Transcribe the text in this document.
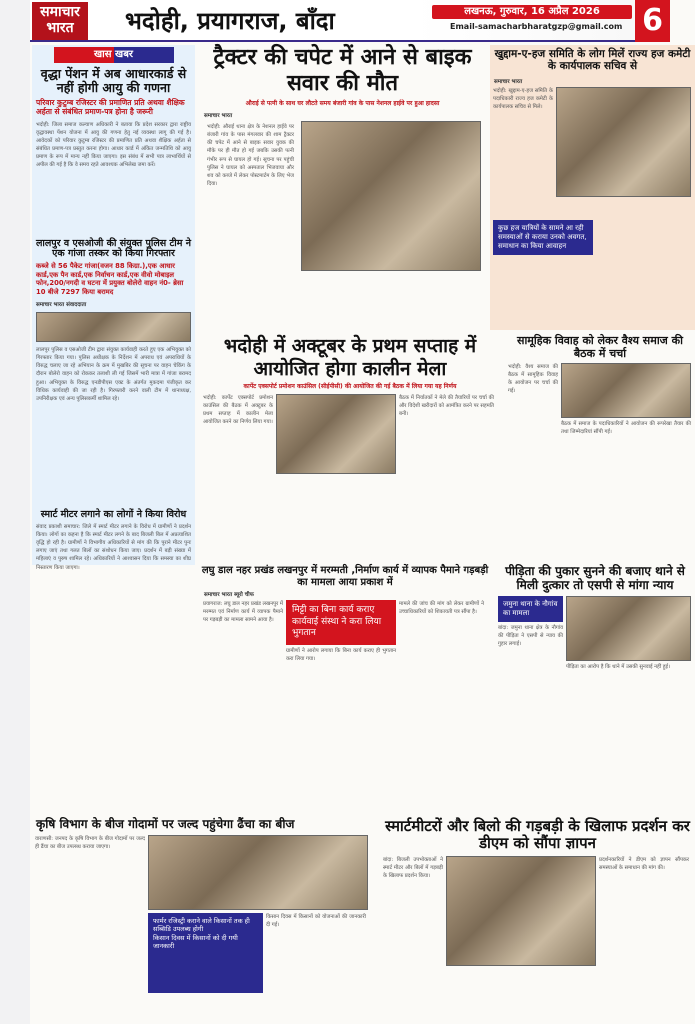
समाचार
भारत	भदोही, प्रयागराज, बाँदा	लखनऊ, गुरुवार, 16 अप्रैल 2026
Email-samacharbharatgzp@gmail.com 6
खास खबर
वृद्धा पेंशन में अब आधारकार्ड से नहीं होगी आयु की गणना
परिवार कुटुम्ब रजिस्टर की प्रमाणित प्रति अथवा शैक्षिक अर्हता से संबंधित प्रमाण-पत्र होना है जरूरी
भदोही: जिला समाज कल्याण अधिकारी ने बताया कि प्रदेश सरकार द्वारा राष्ट्रीय वृद्धावस्था पेंशन योजना में आयु की गणना हेतु नई व्यवस्था लागू की गई है। आवेदकों को परिवार कुटुम्ब रजिस्टर की प्रमाणित प्रति अथवा शैक्षिक अर्हता से संबंधित प्रमाण-पत्र प्रस्तुत करना होगा। आधार कार्ड में अंकित जन्मतिथि को आयु प्रमाण के रूप में मान्य नहीं किया जाएगा। इस संबंध में सभी पात्र लाभार्थियों से अपील की गई है कि वे समय रहते आवश्यक अभिलेख जमा करें।
लालपुर व एसओजी की संयुक्त पुलिस टीम ने एक गांजा तस्कर को किया गिरफ्तार
कब्जे से 56 पैकेट गांजा(वजन 88 किग्रा.),एक आधार कार्ड,एक पैन कार्ड,एक निर्वाचन कार्ड,एक वीवो मोबाइल फोन,200/नगदी व घटना में प्रयुक्त बोलेरो वाहन नं0- ब्रेसा 10 बीजे 7297 किया बरामद
समाचार भारत संवाददाता
लालपुर पुलिस व एसओजी टीम द्वारा संयुक्त कार्यवाही करते हुए एक अभियुक्त को गिरफ्तार किया गया। पुलिस अधीक्षक के निर्देशन में अपराध एवं अपराधियों के विरुद्ध चलाए जा रहे अभियान के क्रम में मुखबिर की सूचना पर वाहन चेकिंग के दौरान बोलेरो वाहन को रोककर तलाशी ली गई जिसमें भारी मात्रा में गांजा बरामद हुआ। अभियुक्त के विरुद्ध एनडीपीएस एक्ट के अंतर्गत मुकदमा पंजीकृत कर विधिक कार्यवाही की जा रही है। गिरफ्तारी करने वाली टीम में थानाध्यक्ष, उपनिरीक्षक एवं अन्य पुलिसकर्मी शामिल रहे।
स्मार्ट मीटर लगाने का लोगों ने किया विरोध
संवाद प्रकाशी समाचार: जिले में स्मार्ट मीटर लगाने के विरोध में ग्रामीणों ने प्रदर्शन किया। लोगों का कहना है कि स्मार्ट मीटर लगने के बाद बिजली बिल में अप्रत्याशित वृद्धि हो रही है। ग्रामीणों ने विभागीय अधिकारियों से मांग की कि पुराने मीटर पुनः लगाए जाएं तथा गलत बिलों का संशोधन किया जाए। प्रदर्शन में बड़ी संख्या में महिलाएं व पुरुष शामिल रहे। अधिकारियों ने आश्वासन दिया कि समस्या का शीघ्र निस्तारण किया जाएगा।
ट्रैक्टर की चपेट में आने से बाइक सवार की मौत
औराई से पत्नी के साथ घर लौटते समय बंजारी गांव के पास नेशनल हाईवे पर हुआ हादसा
समाचार भारत
भदोही: औराई थाना क्षेत्र के नेशनल हाईवे पर बंजारी गांव के पास मंगलवार की शाम ट्रैक्टर की चपेट में आने से बाइक सवार युवक की मौके पर ही मौत हो गई जबकि उसकी पत्नी गंभीर रूप से घायल हो गई। सूचना पर पहुंची पुलिस ने घायल को अस्पताल भिजवाया और शव को कब्जे में लेकर पोस्टमार्टम के लिए भेज दिया।
खुद्दाम-ए-हज समिति के लोग मिलें राज्य हज कमेटी के कार्यपालक सचिव से
समाचार भारत
भदोही: खुद्दाम-ए-हज समिति के पदाधिकारी राज्य हज कमेटी के कार्यपालक सचिव से मिले।
कुछ हज यात्रियों के सामने आ रही समस्याओं से कराया उनको अवगत, समाधान का किया आवाहन
भदोही में अक्टूबर के प्रथम सप्ताह में आयोजित होगा कालीन मेला
कार्पेट एक्सपोर्ट प्रमोशन काउंसिल (सीईपीसी) की आयोजित की गई बैठक में लिया गया यह निर्णय
भदोही: कार्पेट एक्सपोर्ट प्रमोशन काउंसिल की बैठक में अक्टूबर के प्रथम सप्ताह में कालीन मेला आयोजित करने का निर्णय लिया गया।
बैठक में निर्यातकों ने मेले की तैयारियों पर चर्चा की और विदेशी खरीदारों को आमंत्रित करने पर सहमति बनी।
सामूहिक विवाह को लेकर वैश्य समाज की बैठक में चर्चा
भदोही: वैश्य समाज की बैठक में सामूहिक विवाह के आयोजन पर चर्चा की गई।
बैठक में समाज के पदाधिकारियों ने आयोजन की रूपरेखा तैयार की तथा जिम्मेदारियां सौंपी गईं।
लघु डाल नहर प्रखंड लखनपुर में मरम्मती ,निर्माण कार्य में व्यापक पैमाने गड़बड़ी का मामला आया प्रकाश में
समाचार भारत ब्यूरो चीफ
प्रयागराज: लघु डाल नहर प्रखंड लखनपुर में मरम्मत एवं निर्माण कार्य में व्यापक पैमाने पर गड़बड़ी का मामला सामने आया है।
मिट्टी का बिना कार्य कराए कार्यवाई संस्था ने करा लिया भुगतान
ग्रामीणों ने आरोप लगाया कि बिना कार्य कराए ही भुगतान करा लिया गया।
मामले की जांच की मांग को लेकर ग्रामीणों ने उच्चाधिकारियों को शिकायती पत्र सौंपा है।
पीड़िता की पुकार सुनने की बजाए थाने से मिली दुत्कार तो एसपी से मांगा न्याय
जमुना थाना के नौगांव का मामला
बांदा: जमुना थाना क्षेत्र के नौगांव की पीड़िता ने एसपी से न्याय की गुहार लगाई।
पीड़िता का आरोप है कि थाने में उसकी सुनवाई नहीं हुई।
कृषि विभाग के बीज गोदामों पर जल्द पहुंचेगा ढैंचा का बीज
वाराणसी: जनपद के कृषि विभाग के बीज गोदामों पर जल्द ही ढैंचा का बीज उपलब्ध कराया जाएगा।
फार्मर रजिस्ट्री कराने वाले किसानों तक ही सब्सिडि उपलब्ध होगी
किसान दिवस में किसानों को दी गयी जानकारी
किसान दिवस में किसानों को योजनाओं की जानकारी दी गई।
स्मार्टमीटरों और बिलो की गड़बड़ी के खिलाफ प्रदर्शन कर डीएम को सौंपा ज्ञापन
बांदा: बिजली उपभोक्ताओं ने स्मार्ट मीटर और बिलों में गड़बड़ी के खिलाफ प्रदर्शन किया।
प्रदर्शनकारियों ने डीएम को ज्ञापन सौंपकर समस्याओं के समाधान की मांग की।
